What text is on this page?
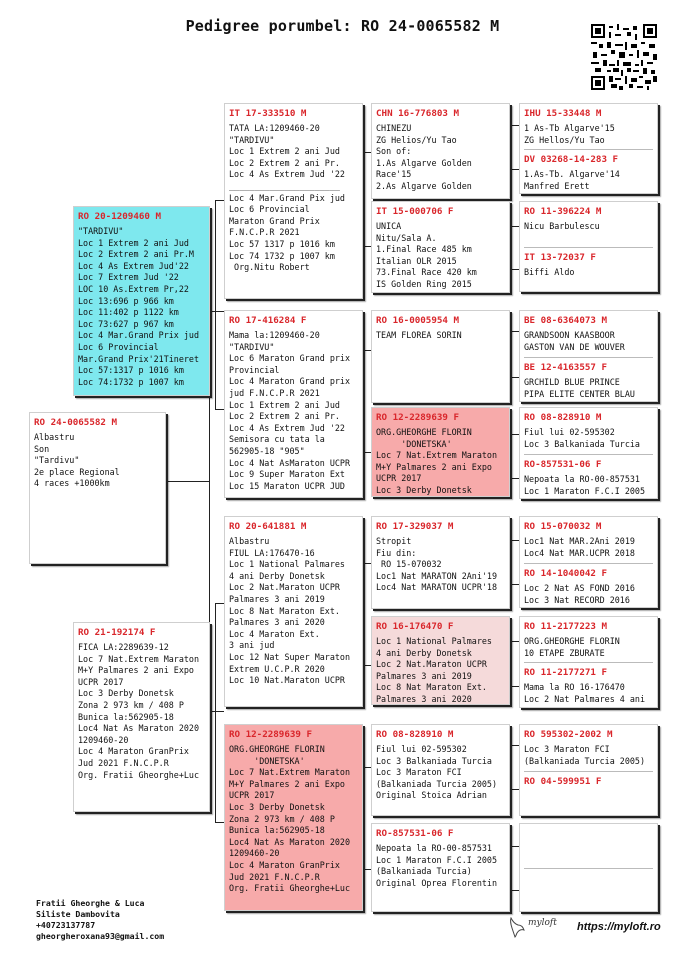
Pedigree porumbel: RO 24-0065582 M
RO 24-0065582 M
Albastru
Son
"Tardivu"
2e place Regional
4 races +1000km
RO 20-1209460 M
"TARDIVU"
Loc 1 Extrem 2 ani Jud
Loc 2 Extrem 2 ani Pr.M
Loc 4 As Extrem Jud'22
Loc 7 Extrem Jud '22
LOC 10 As.Extrem Pr,22
Loc 13:696 p 966 km
Loc 11:402 p 1122 km
Loc 73:627 p 967 km
Loc 4 Mar.Grand Prix jud
Loc 6 Provincial
Mar.Grand Prix'21Tineret
Loc 57:1317 p 1016 km
Loc 74:1732 p 1007 km
RO 21-192174 F
FICA LA:2289639-12
Loc 7 Nat.Extrem Maraton
M+Y Palmares 2 ani Expo
UCPR 2017
Loc 3 Derby Donetsk
Zona 2 973 km / 408 P
Bunica la:562905-18
Loc4 Nat As Maraton 2020
1209460-20
Loc 4 Maraton GranPrix
Jud 2021 F.N.C.P.R
Org. Fratii Gheorghe+Luc
IT 17-333510 M
TATA LA:1209460-20
"TARDIVU"
Loc 1 Extrem 2 ani Jud
Loc 2 Extrem 2 ani Pr.
Loc 4 As Extrem Jud '22
______________________
Loc 4 Mar.Grand Pix jud
Loc 6 Provincial
Maraton Grand Prix
F.N.C.P.R 2021
Loc 57 1317 p 1016 km
Loc 74 1732 p 1007 km
Org.Nitu Robert
RO 17-416284 F
Mama la:1209460-20
"TARDIVU"
Loc 6 Maraton Grand prix
Provincial
Loc 4 Maraton Grand prix
jud F.N.C.P.R 2021
Loc 1 Extrem 2 ani Jud
Loc 2 Extrem 2 ani Pr.
Loc 4 As Extrem Jud '22
Semisora cu tata la
562905-18 "905"
Loc 4 Nat AsMaraton UCPR
Loc 9 Super Maraton Ext
Loc 15 Maraton UCPR JUD
RO 20-641881 M
Albastru
FIUL LA:176470-16
Loc 1 National Palmares
4 ani Derby Donetsk
Loc 2 Nat.Maraton UCPR
Palmares 3 ani 2019
Loc 8 Nat Maraton Ext.
Palmares 3 ani 2020
Loc 4 Maraton Ext.
3 ani jud
Loc 12 Nat Super Maraton
Extrem U.C.P.R 2020
Loc 10 Nat.Maraton UCPR
RO 12-2289639 F
ORG.GHEORGHE FLORIN
'DONETSKA'
Loc 7 Nat.Extrem Maraton
M+Y Palmares 2 ani Expo
UCPR 2017
Loc 3 Derby Donetsk
Zona 2 973 km / 408 P
Bunica la:562905-18
Loc4 Nat As Maraton 2020
1209460-20
Loc 4 Maraton GranPrix
Jud 2021 F.N.C.P.R
Org. Fratii Gheorghe+Luc
CHN 16-776803 M
CHINEZU
ZG Helios/Yu Tao
Son of:
1.As Algarve Golden
Race'15
2.As Algarve Golden
IT 15-000706 F
UNICA
Nitu/Sala A.
1.Final Race 485 km
Italian OLR 2015
73.Final Race 420 km
IS Golden Ring 2015
RO 16-0005954 M
TEAM FLOREA SORIN
RO 12-2289639 F
ORG.GHEORGHE FLORIN
'DONETSKA'
Loc 7 Nat.Extrem Maraton
M+Y Palmares 2 ani Expo
UCPR 2017
Loc 3 Derby Donetsk
RO 17-329037 M
Stropit
Fiu din:
RO 15-070032
Loc1 Nat MARATON 2Ani'19
Loc4 Nat MARATON UCPR'18
RO 16-176470 F
Loc 1 National Palmares
4 ani Derby Donetsk
Loc 2 Nat.Maraton UCPR
Palmares 3 ani 2019
Loc 8 Nat Maraton Ext.
Palmares 3 ani 2020
RO 08-828910 M
Fiul lui 02-595302
Loc 3 Balkaniada Turcia
Loc 3 Maraton FCI
(Balkaniada Turcia 2005)
Original Stoica Adrian
RO-857531-06 F
Nepoata la RO-00-857531
Loc 1 Maraton F.C.I 2005
(Balkaniada Turcia)
Original Oprea Florentin
IHU 15-33448 M
1 As-Tb Algarve'15
ZG Hellos/Yu Tao
DV 03268-14-283 F
1.As-Tb. Algarve'14
Manfred Erett
RO 11-396224 M
Nicu Barbulescu
IT 13-72037 F
Biffi Aldo
BE 08-6364073 M
GRANDSOON KAASBOOR
GASTON VAN DE WOUVER
BE 12-4163557 F
GRCHILD BLUE PRINCE
PIPA ELITE CENTER BLAU
RO 08-828910 M
Fiul lui 02-595302
Loc 3 Balkaniada Turcia
RO-857531-06 F
Nepoata la RO-00-857531
Loc 1 Maraton F.C.I 2005
RO 15-070032 M
Loc1 Nat MAR.2Ani 2019
Loc4 Nat MAR.UCPR 2018
RO 14-1040042 F
Loc 2 Nat AS FOND 2016
Loc 3 Nat RECORD 2016
RO 11-2177223 M
ORG.GHEORGHE FLORIN
10 ETAPE ZBURATE
RO 11-2177271 F
Mama la RO 16-176470
Loc 2 Nat Palmares 4 ani
RO 595302-2002 M
Loc 3 Maraton FCI
(Balkaniada Turcia 2005)
RO 04-599951 F
Fratii Gheorghe & Luca
Siliste Dambovita
+40723137787
gheorgheroxana93@gmail.com
myloft https://myloft.ro
